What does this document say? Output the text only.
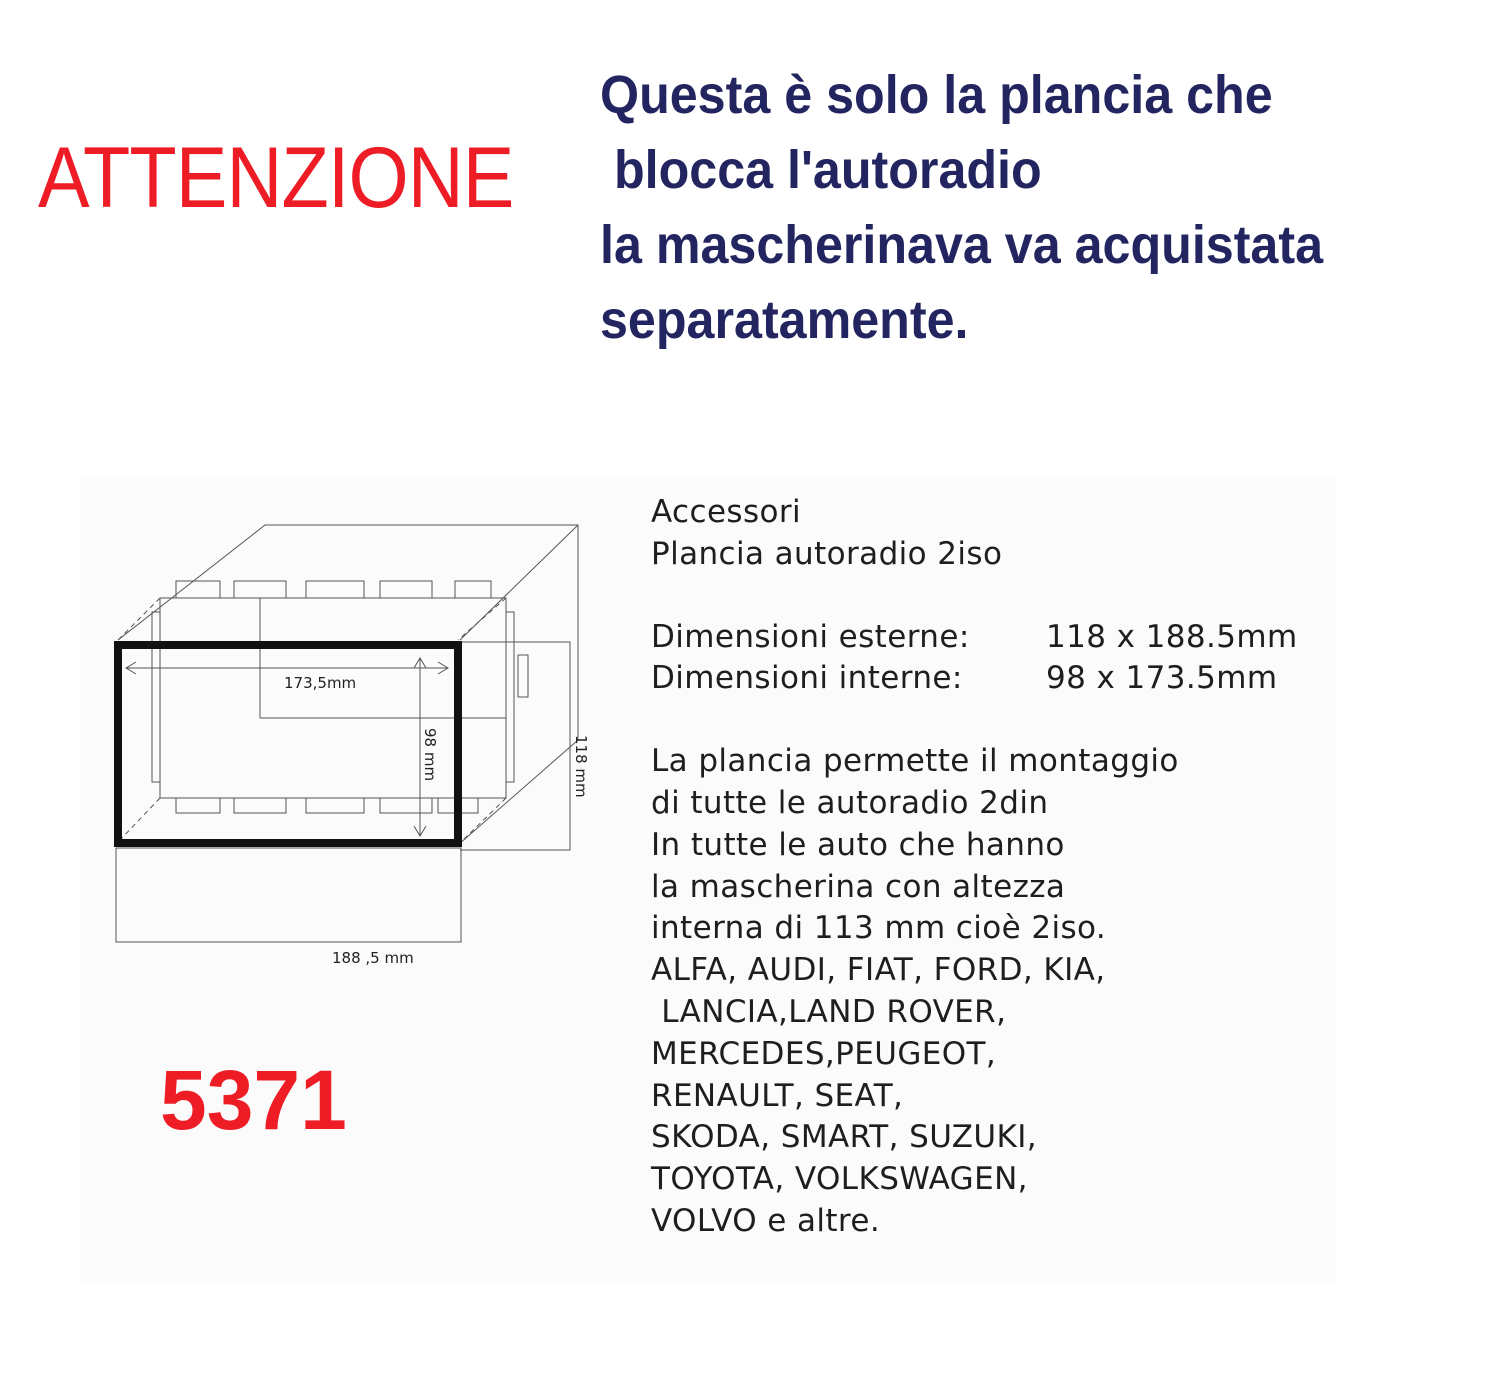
ATTENZIONE
Questa è solo la plancia che
blocca l'autoradio
la mascherinava va acquistata
separatamente.
173,5mm
98 mm	118 mm
188 ,5 mm
5371
Accessori
Plancia autoradio 2iso
Dimensioni esterne:	118 x 188.5mm
Dimensioni interne:	98 x 173.5mm
La plancia permette il montaggio
di tutte le autoradio 2din
In tutte le auto che hanno
la mascherina con altezza
interna di 113 mm cioè 2iso.
ALFA, AUDI, FIAT, FORD, KIA,
LANCIA,LAND ROVER,
MERCEDES,PEUGEOT,
RENAULT, SEAT,
SKODA, SMART, SUZUKI,
TOYOTA, VOLKSWAGEN,
VOLVO e altre.
